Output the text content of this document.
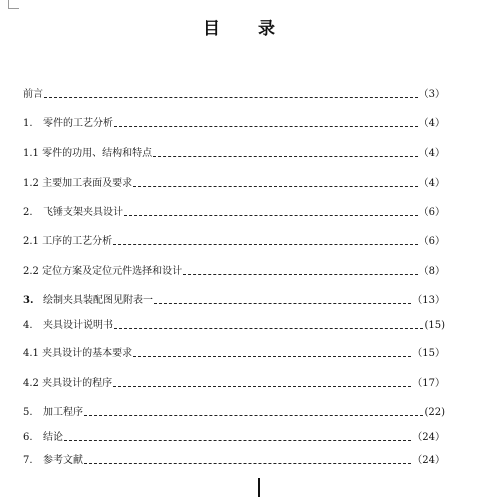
目 录
前言	（3）
1.	零件的工艺分析	（4）
1.1 零件的功用、结构和特点	（4）
1.2 主要加工表面及要求	（4）
2.	飞锤支架夹具设计	（6）
2.1 工序的工艺分析	（6）
2.2 定位方案及定位元件选择和设计	（8）
3. 绘制夹具装配图见附表一	（13）
4.	夹具设计说明书	(15)
4.1 夹具设计的基本要求	（15）
4.2 夹具设计的程序	（17）
5.	加工程序	(22)
6.	结论	（24）
7.	参考文献	（24）
